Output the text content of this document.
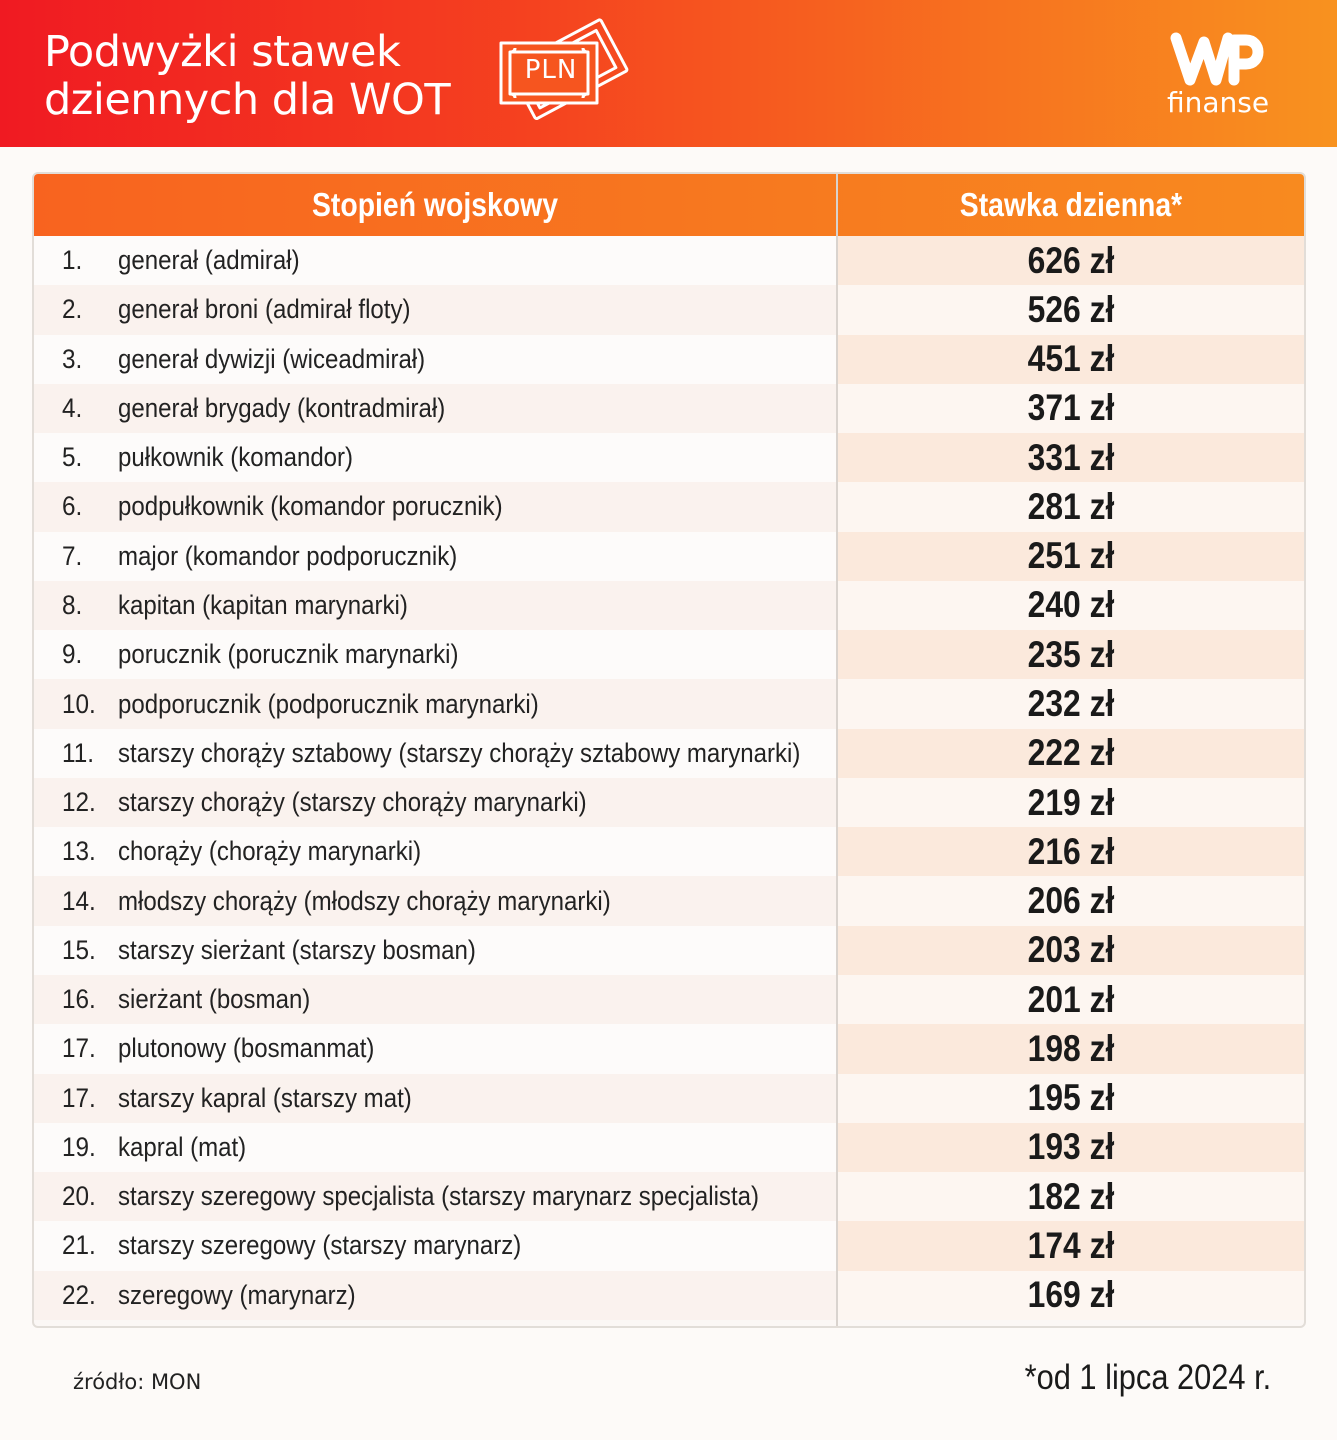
Podwyżki stawek
dziennych dla WOT
PLN
finanse
Stopień wojskowy	Stawka dzienna*
1. generał (admirał)	626 zł
2. generał broni (admirał floty)	526 zł
3. generał dywizji (wiceadmirał)	451 zł
4. generał brygady (kontradmirał)	371 zł
5. pułkownik (komandor)	331 zł
6. podpułkownik (komandor porucznik)	281 zł
7. major (komandor podporucznik)	251 zł
8. kapitan (kapitan marynarki)	240 zł
9. porucznik (porucznik marynarki)	235 zł
10. podporucznik (podporucznik marynarki)	232 zł
11. starszy chorąży sztabowy (starszy chorąży sztabowy marynarki)	222 zł
12. starszy chorąży (starszy chorąży marynarki)	219 zł
13. chorąży (chorąży marynarki)	216 zł
14. młodszy chorąży (młodszy chorąży marynarki)	206 zł
15. starszy sierżant (starszy bosman)	203 zł
16. sierżant (bosman)	201 zł
17. plutonowy (bosmanmat)	198 zł
17. starszy kapral (starszy mat)	195 zł
19. kapral (mat)	193 zł
20. starszy szeregowy specjalista (starszy marynarz specjalista)	182 zł
21. starszy szeregowy (starszy marynarz)	174 zł
22. szeregowy (marynarz)	169 zł
źródło: MON	*od 1 lipca 2024 r.
